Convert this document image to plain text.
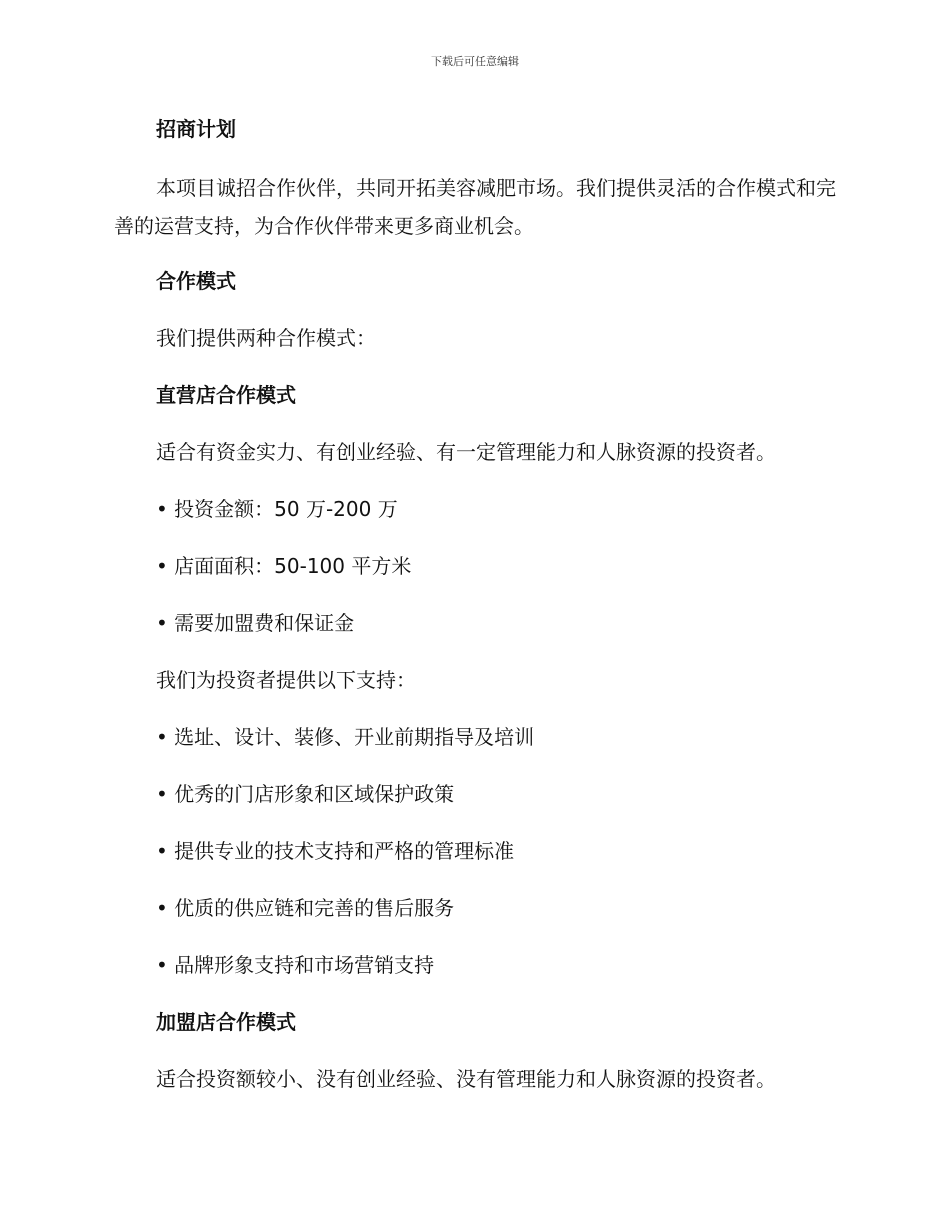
下载后可任意编辑
招商计划
本项目诚招合作伙伴，共同开拓美容减肥市场。我们提供灵活的合作模式和完善的运营支持，为合作伙伴带来更多商业机会。
合作模式
我们提供两种合作模式：
直营店合作模式
适合有资金实力、有创业经验、有一定管理能力和人脉资源的投资者。
• 投资金额：50 万-200 万
• 店面面积：50-100 平方米
• 需要加盟费和保证金
我们为投资者提供以下支持：
• 选址、设计、装修、开业前期指导及培训
• 优秀的门店形象和区域保护政策
• 提供专业的技术支持和严格的管理标准
• 优质的供应链和完善的售后服务
• 品牌形象支持和市场营销支持
加盟店合作模式
适合投资额较小、没有创业经验、没有管理能力和人脉资源的投资者。
